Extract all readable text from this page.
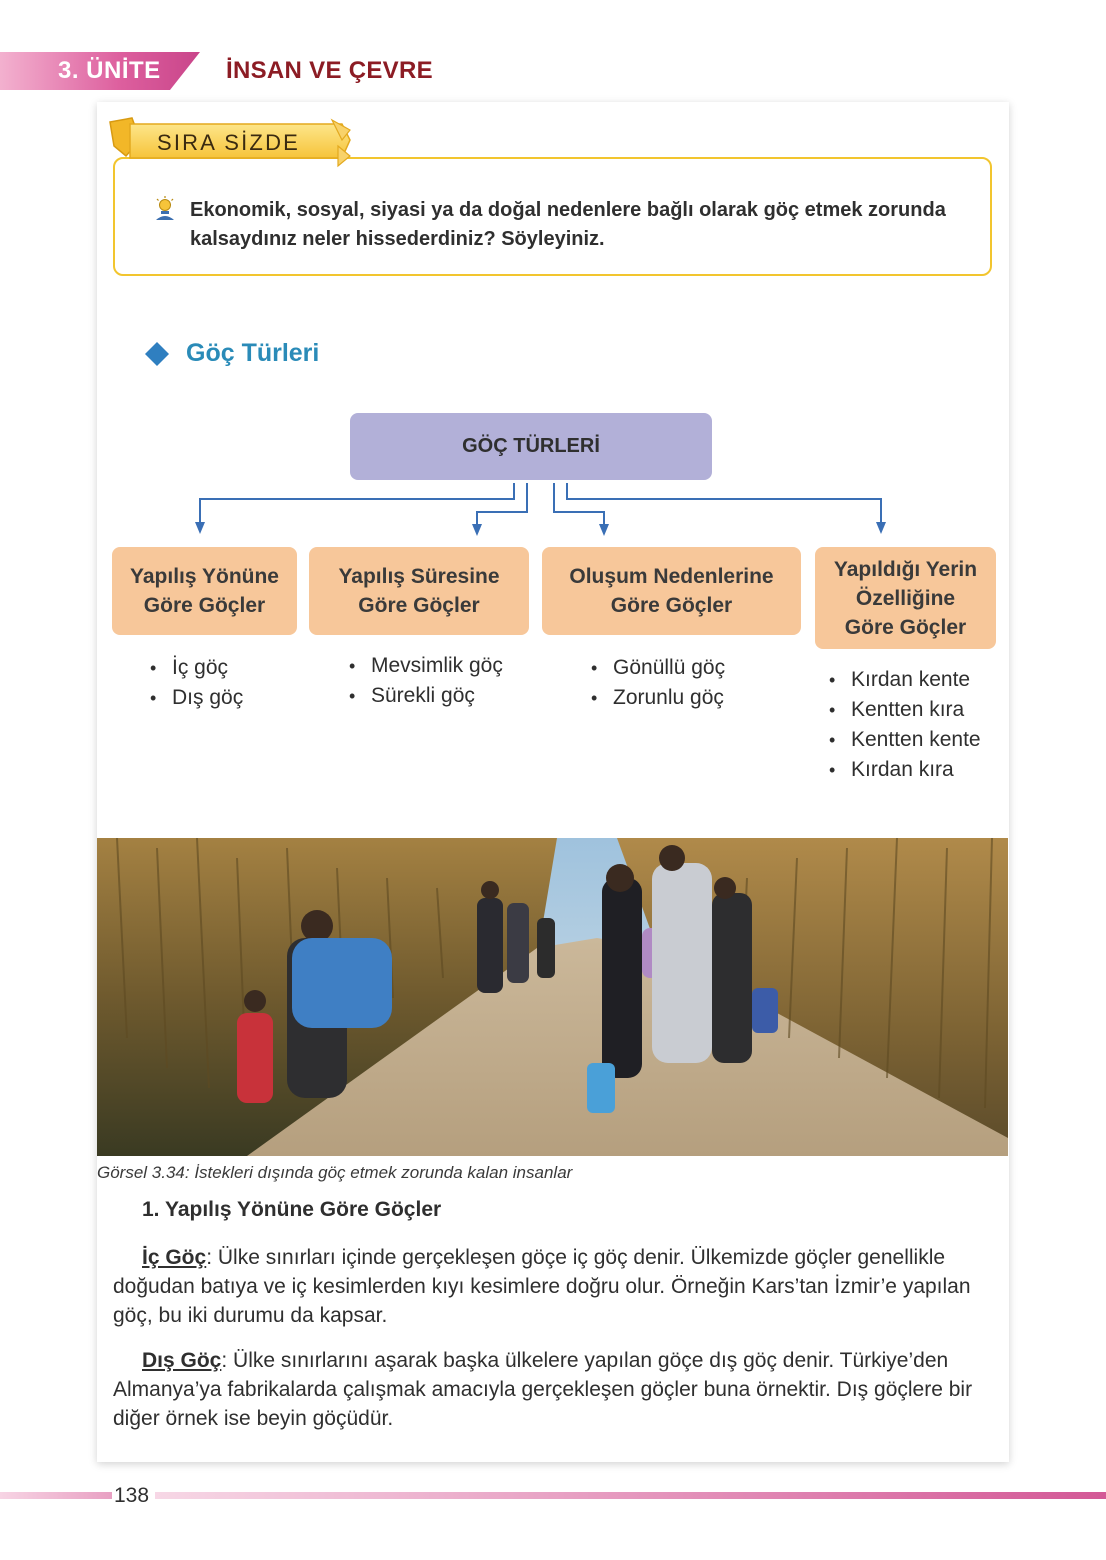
3. ÜNİTE	İNSAN VE ÇEVRE
SIRA SİZDE
Ekonomik, sosyal, siyasi ya da doğal nedenlere bağlı olarak göç etmek zorunda kalsaydınız neler hissederdiniz? Söyleyiniz.
Göç Türleri
GÖÇ TÜRLERİ
Yapılış Yönüne
Göre Göçler
Yapılış Süresine
Göre Göçler
Oluşum Nedenlerine
Göre Göçler
Yapıldığı Yerin
Özelliğine
Göre Göçler
• İç göç
• Dış göç
• Mevsimlik göç
• Sürekli göç
• Gönüllü göç
• Zorunlu göç
• Kırdan kente
• Kentten kıra
• Kentten kente
• Kırdan kıra
Görsel 3.34: İstekleri dışında göç etmek zorunda kalan insanlar
1. Yapılış Yönüne Göre Göçler

İç Göç: Ülke sınırları içinde gerçekleşen göçe iç göç denir. Ülkemizde göçler genellikle doğudan batıya ve iç kesimlerden kıyı kesimlere doğru olur. Örneğin Kars’tan İzmir’e yapılan göç, bu iki durumu da kapsar.

Dış Göç: Ülke sınırlarını aşarak başka ülkelere yapılan göçe dış göç denir. Türkiye’den Almanya’ya fabrikalarda çalışmak amacıyla gerçekleşen göçler buna örnektir. Dış göçlere bir diğer örnek ise beyin göçüdür.

138
